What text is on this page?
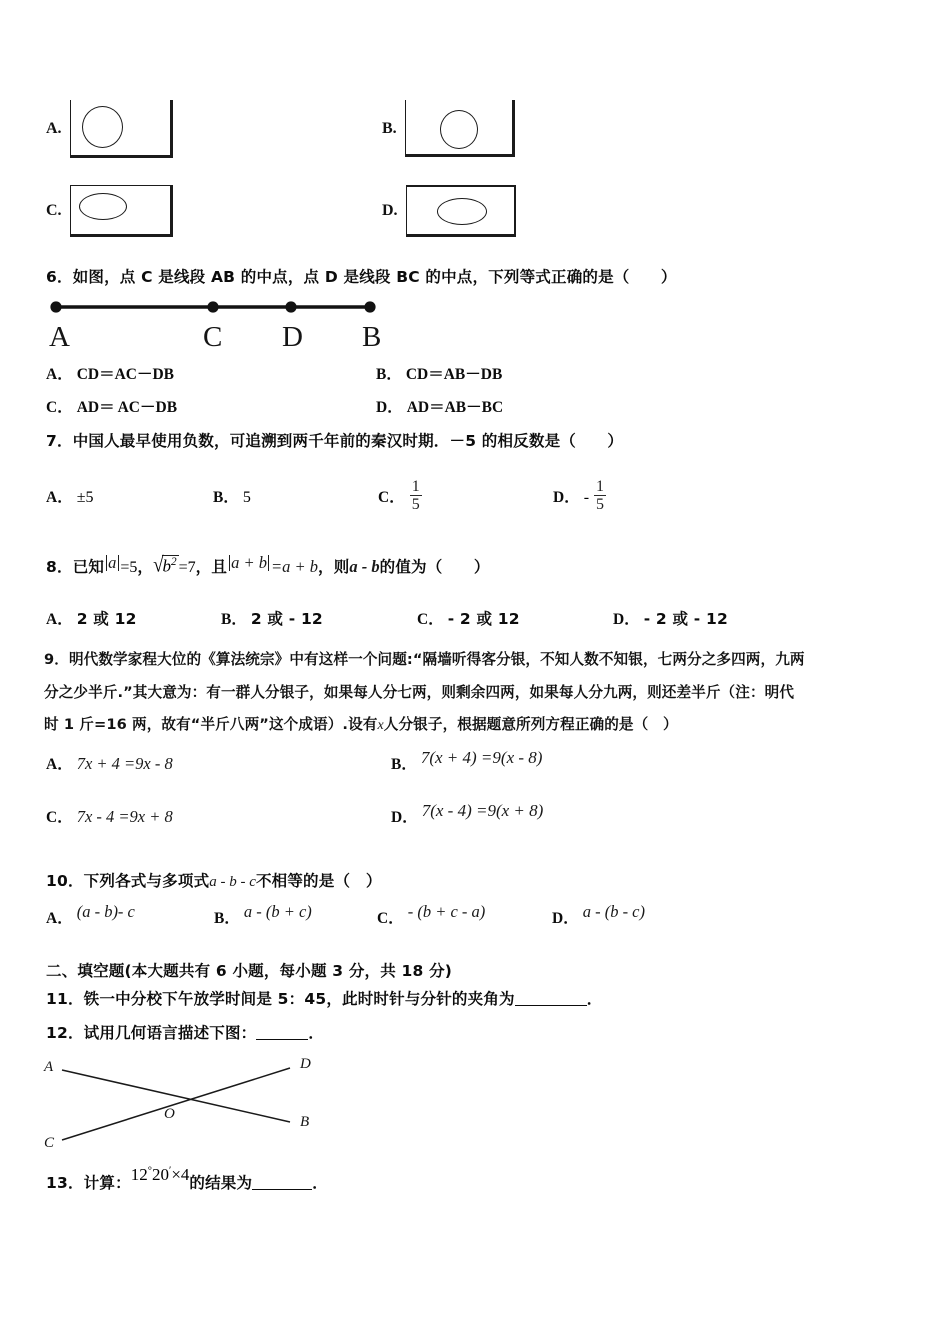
A.	B.
C.	D.
6．如图，点 C 是线段 AB 的中点，点 D 是线段 BC 的中点，下列等式正确的是（　　）
A	C D B
A． CD＝AC－DB	B． CD＝AB－DB
C． AD＝ AC－DB	D． AD＝AB－BC
7．中国人最早使用负数，可追溯到两千年前的秦汉时期．－5 的相反数是（　　）
A． ±5	B． 5	C． $\frac{1}{5}$	D． - $\frac{1}{5}$
8．已知 a =5，$√b^2 =7$，且 a + b =a + b，则a - b的值为（　　）
A． 2 或 12	B． 2 或 - 12	C． - 2 或 12	D． - 2 或 - 12
9．明代数学家程大位的《算法统宗》中有这样一个问题:“隔墙听得客分银，不知人数不知银，七两分之多四两，九两
分之少半斤.”其大意为：有一群人分银子，如果每人分七两，则剩余四两，如果每人分九两，则还差半斤（注：明代
时 1 斤=16 两，故有“半斤八两”这个成语）.设有x人分银子，根据题意所列方程正确的是（　）
A． 7x + 4 =9x - 8	B． 7(x + 4) =9(x - 8)
C． 7x - 4 =9x + 8	D． 7(x - 4) =9(x + 8)
10．下列各式与多项式a - b - c不相等的是（　）
A． (a - b)- c	B． a - (b + c)	C． - (b + c - a)	D． a - (b - c)
二、填空题(本大题共有 6 小题，每小题 3 分，共 18 分)
11．铁一中分校下午放学时间是 5：45，此时时针与分针的夹角为	．
12．试用几何语言描述下图：	．
A	D
C
B
O
13．计算：12°20′×4的结果为	．
